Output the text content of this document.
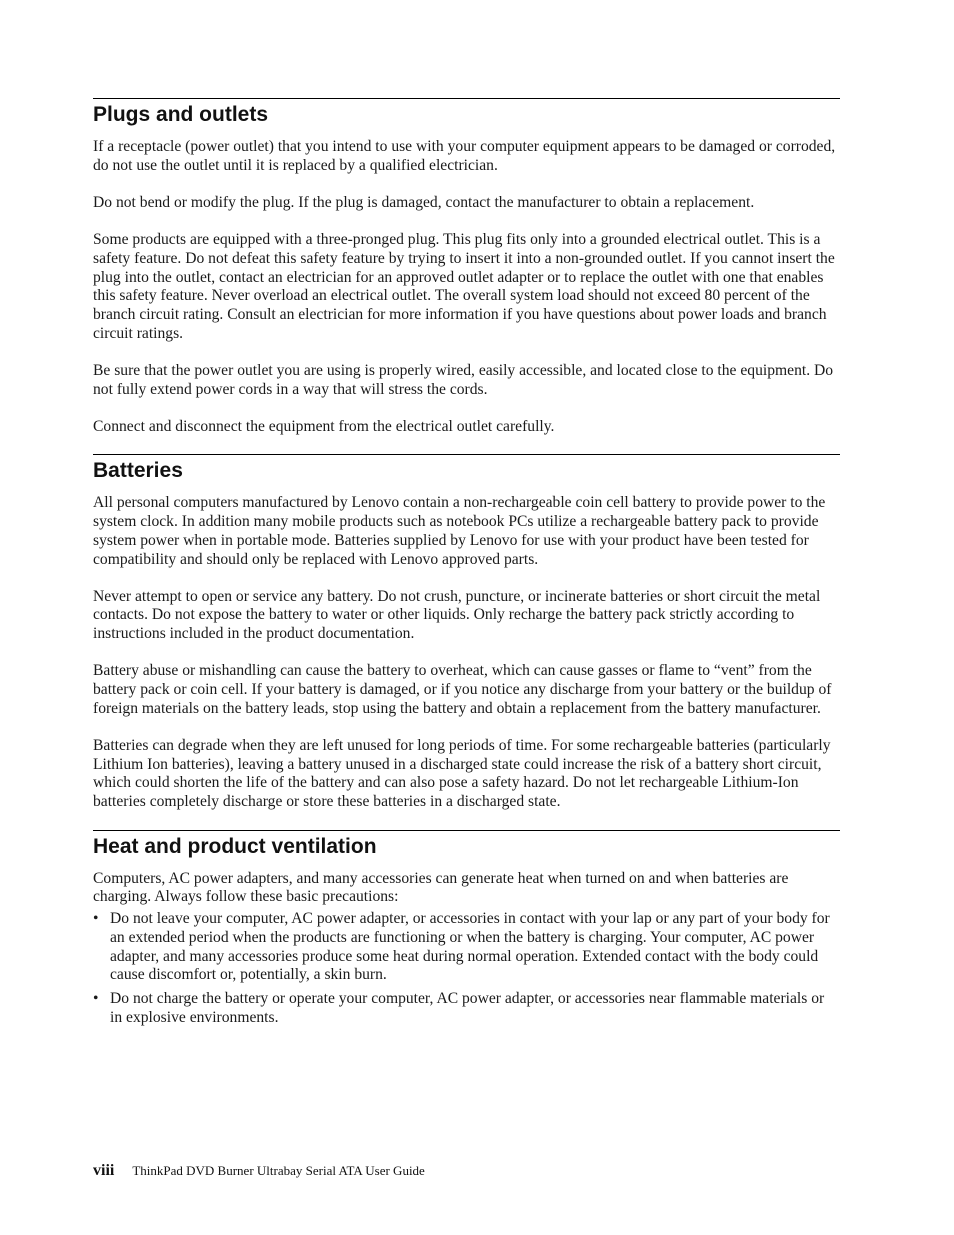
Plugs and outlets

If a receptacle (power outlet) that you intend to use with your computer equipment appears to be damaged or corroded, do not use the outlet until it is replaced by a qualified electrician.

Do not bend or modify the plug. If the plug is damaged, contact the manufacturer to obtain a replacement.

Some products are equipped with a three-pronged plug. This plug fits only into a grounded electrical outlet. This is a safety feature. Do not defeat this safety feature by trying to insert it into a non-grounded outlet. If you cannot insert the plug into the outlet, contact an electrician for an approved outlet adapter or to replace the outlet with one that enables this safety feature. Never overload an electrical outlet. The overall system load should not exceed 80 percent of the branch circuit rating. Consult an electrician for more information if you have questions about power loads and branch circuit ratings.

Be sure that the power outlet you are using is properly wired, easily accessible, and located close to the equipment. Do not fully extend power cords in a way that will stress the cords.

Connect and disconnect the equipment from the electrical outlet carefully.

Batteries

All personal computers manufactured by Lenovo contain a non-rechargeable coin cell battery to provide power to the system clock. In addition many mobile products such as notebook PCs utilize a rechargeable battery pack to provide system power when in portable mode. Batteries supplied by Lenovo for use with your product have been tested for compatibility and should only be replaced with Lenovo approved parts.

Never attempt to open or service any battery. Do not crush, puncture, or incinerate batteries or short circuit the metal contacts. Do not expose the battery to water or other liquids. Only recharge the battery pack strictly according to instructions included in the product documentation.

Battery abuse or mishandling can cause the battery to overheat, which can cause gasses or flame to “vent” from the battery pack or coin cell. If your battery is damaged, or if you notice any discharge from your battery or the buildup of foreign materials on the battery leads, stop using the battery and obtain a replacement from the battery manufacturer.

Batteries can degrade when they are left unused for long periods of time. For some rechargeable batteries (particularly Lithium Ion batteries), leaving a battery unused in a discharged state could increase the risk of a battery short circuit, which could shorten the life of the battery and can also pose a safety hazard. Do not let rechargeable Lithium-Ion batteries completely discharge or store these batteries in a discharged state.

Heat and product ventilation

Computers, AC power adapters, and many accessories can generate heat when turned on and when batteries are charging. Always follow these basic precautions:

• Do not leave your computer, AC power adapter, or accessories in contact with your lap or any part of your body for an extended period when the products are functioning or when the battery is charging. Your computer, AC power adapter, and many accessories produce some heat during normal operation. Extended contact with the body could cause discomfort or, potentially, a skin burn.
• Do not charge the battery or operate your computer, AC power adapter, or accessories near flammable materials or in explosive environments.
viii ThinkPad DVD Burner Ultrabay Serial ATA User Guide
